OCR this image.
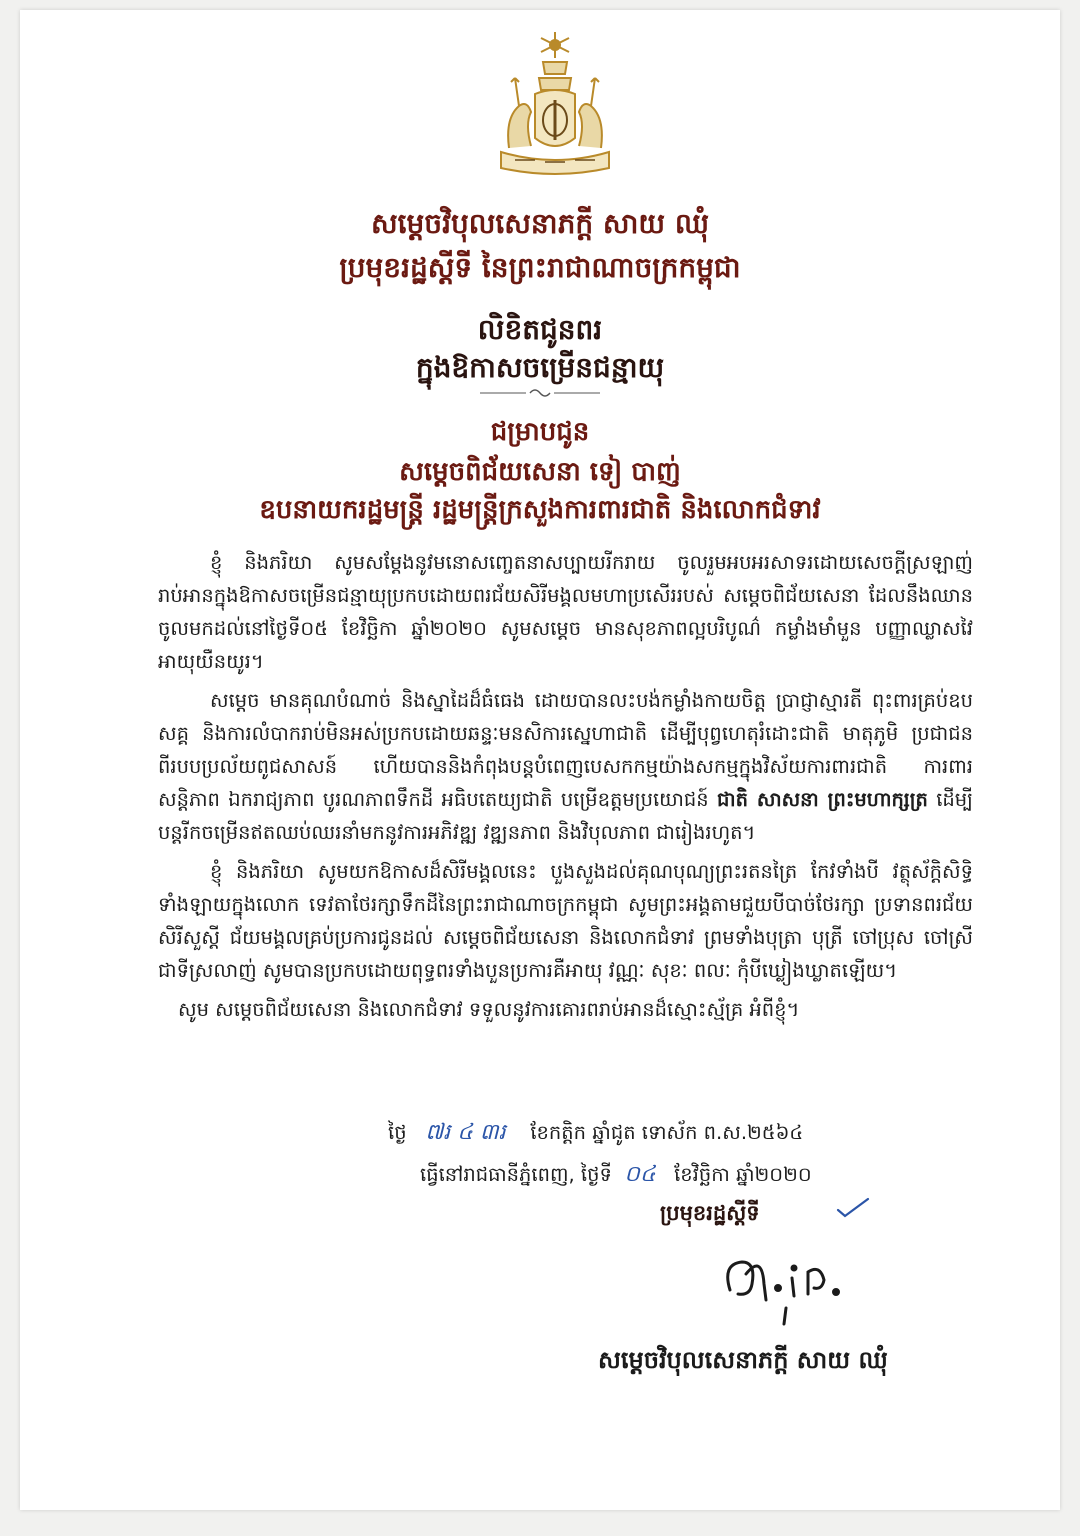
សម្តេចវិបុលសេនាភក្តី សាយ ឈុំ
ប្រមុខរដ្ឋស្តីទី នៃព្រះរាជាណាចក្រកម្ពុជា
លិខិតជូនពរ
ក្នុងឱកាសចម្រើនជន្មាយុ
ជម្រាបជូន
សម្តេចពិជ័យសេនា ទៀ បាញ់
ឧបនាយករដ្ឋមន្ត្រី រដ្ឋមន្ត្រីក្រសួងការពារជាតិ និងលោកជំទាវ

ខ្ញុំ និងភរិយា សូមសម្តែងនូវមនោសញ្ចេតនាសប្បាយរីករាយ ចូលរួមអបអរសាទរដោយសេចក្តីស្រឡាញ់រាប់អានក្នុងឱកាសចម្រើនជន្មាយុប្រកបដោយពរជ័យសិរីមង្គលមហាប្រសើររបស់ សម្តេចពិជ័យសេនា ដែលនឹងឈានចូលមកដល់នៅថ្ងៃទី០៥ ខែវិច្ឆិកា ឆ្នាំ២០២០ សូមសម្តេច មានសុខភាពល្អបរិបូណ៌ កម្លាំងមាំមួន បញ្ញាឈ្លាសវៃ អាយុយឺនយូរ។

សម្តេច មានគុណបំណាច់ និងស្នាដៃដ៏ធំធេង ដោយបានលះបង់កម្លាំងកាយចិត្ត ប្រាជ្ញាស្មារតី ពុះពារគ្រប់ឧបសគ្គ និងការលំបាករាប់មិនអស់ប្រកបដោយឆន្ទៈមនសិការស្នេហាជាតិ ដើម្បីបុព្វហេតុរំដោះជាតិ មាតុភូមិ ប្រជាជនពីរបបប្រល័យពូជសាសន៍ ហើយបាននិងកំពុងបន្តបំពេញបេសកកម្មយ៉ាងសកម្មក្នុងវិស័យការពារជាតិ ការពារសន្តិភាព ឯករាជ្យភាព បូរណភាពទឹកដី អធិបតេយ្យជាតិ បម្រើឧត្តមប្រយោជន៍ ជាតិ សាសនា ព្រះមហាក្សត្រ ដើម្បីបន្តរីកចម្រើនឥតឈប់ឈរនាំមកនូវការអភិវឌ្ឍ វឌ្ឍនភាព និងវិបុលភាព ជារៀងរហូត។

ខ្ញុំ និងភរិយា សូមយកឱកាសដ៏សិរីមង្គលនេះ បួងសួងដល់គុណបុណ្យព្រះរតនត្រៃ កែវទាំងបី វត្ថុស័ក្តិសិទ្ធិទាំងឡាយក្នុងលោក ទេវតាថែរក្សាទឹកដីនៃព្រះរាជាណាចក្រកម្ពុជា សូមព្រះអង្គតាមជួយបីបាច់ថែរក្សា ប្រទានពរជ័យ សិរីសួស្តី ជ័យមង្គលគ្រប់ប្រការជូនដល់ សម្តេចពិជ័យសេនា និងលោកជំទាវ ព្រមទាំងបុត្រា បុត្រី ចៅប្រុស ចៅស្រីជាទីស្រលាញ់ សូមបានប្រកបដោយពុទ្ធពរទាំងបួនប្រការគឺអាយុ វណ្ណៈ សុខៈ ពលៈ កុំបីឃ្លៀងឃ្លាតឡើយ។

សូម សម្តេចពិជ័យសេនា និងលោកជំទាវ ទទួលនូវការគោរពរាប់អានដ៏ស្មោះស្ម័គ្រ អំពីខ្ញុំ។

ថ្ងៃ ៧រ ៤ ៣រ ខែកត្តិក ឆ្នាំជូត ទោស័ក ព.ស.២៥៦៤
ធ្វើនៅរាជធានីភ្នំពេញ, ថ្ងៃទី ០៤ ខែវិច្ឆិកា ឆ្នាំ២០២០
ប្រមុខរដ្ឋស្តីទី
សម្តេចវិបុលសេនាភក្តី សាយ ឈុំ
